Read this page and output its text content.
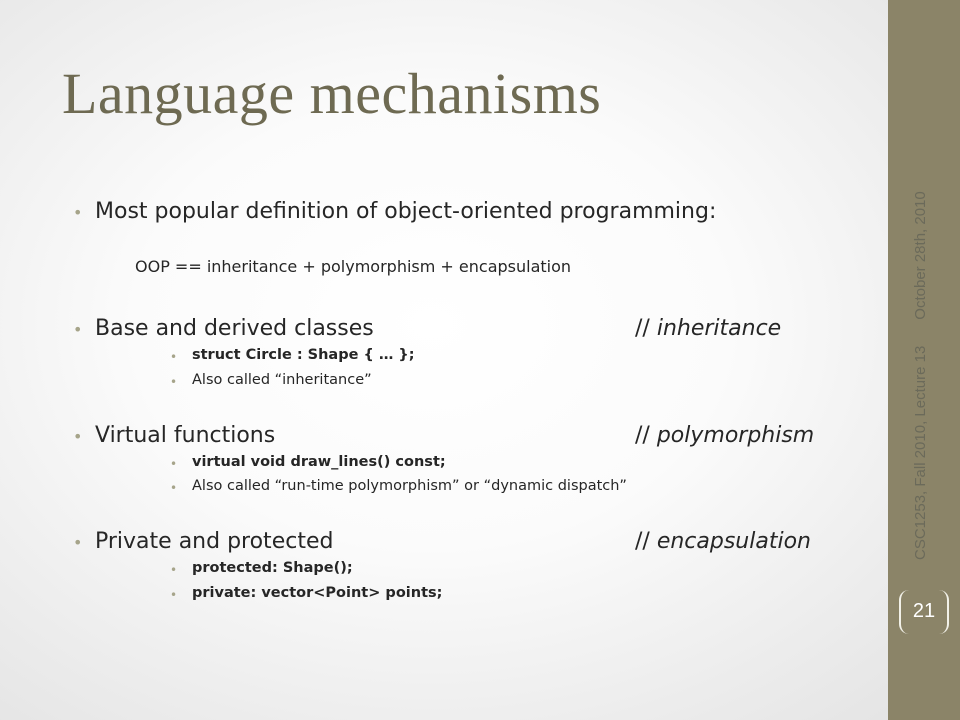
Language mechanisms
• Most popular definition of object-oriented programming:
OOP == inheritance + polymorphism + encapsulation
• Base and derived classes	// inheritance
• struct Circle : Shape { … };
• Also called “inheritance”
• Virtual functions	// polymorphism
• virtual void draw_lines() const;
• Also called “run-time polymorphism” or “dynamic dispatch”
• Private and protected	// encapsulation
• protected: Shape();
• private: vector<Point> points;
CSC1253, Fall 2010, Lecture 13October 28th, 2010
21
